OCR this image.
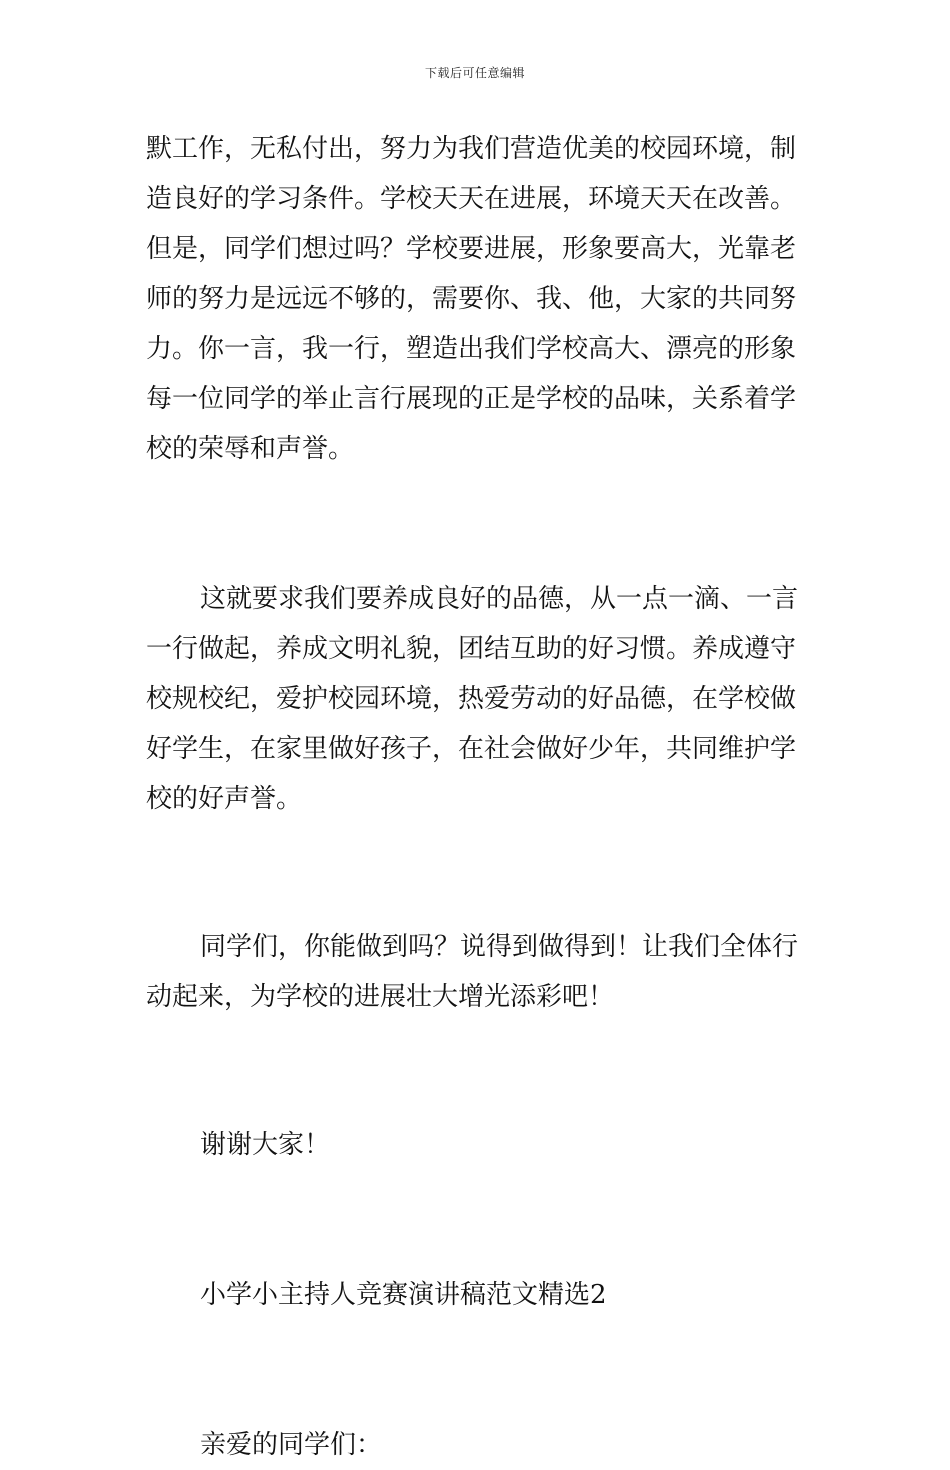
下载后可任意编辑
默工作，无私付出，努力为我们营造优美的校园环境，制
造良好的学习条件。学校天天在进展，环境天天在改善。
但是，同学们想过吗？学校要进展，形象要高大，光靠老
师的努力是远远不够的，需要你、我、他，大家的共同努
力。你一言，我一行，塑造出我们学校高大、漂亮的形象
每一位同学的举止言行展现的正是学校的品味，关系着学
校的荣辱和声誉。
这就要求我们要养成良好的品德，从一点一滴、一言
一行做起，养成文明礼貌，团结互助的好习惯。养成遵守
校规校纪，爱护校园环境，热爱劳动的好品德，在学校做
好学生，在家里做好孩子，在社会做好少年，共同维护学
校的好声誉。
同学们，你能做到吗？说得到做得到！让我们全体行
动起来，为学校的进展壮大增光添彩吧！
谢谢大家！
小学小主持人竞赛演讲稿范文精选2
亲爱的同学们：
